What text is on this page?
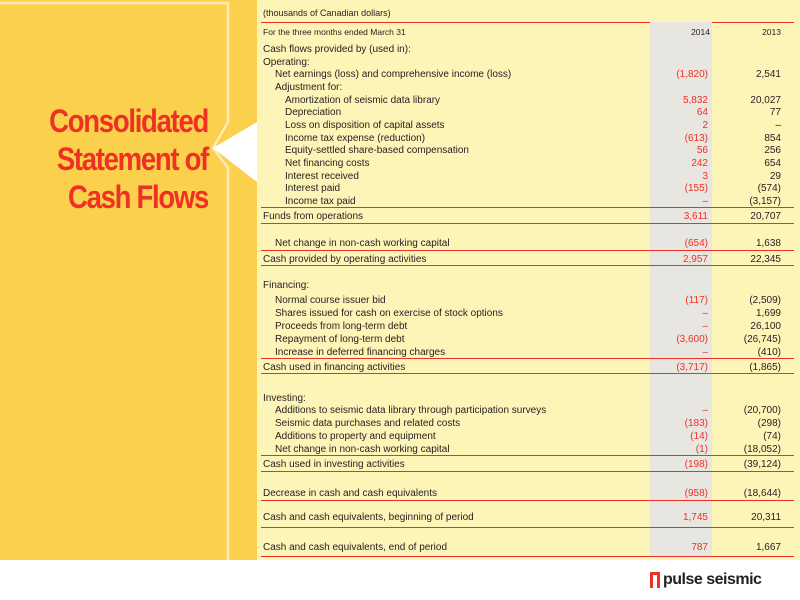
Consolidated
Statement of
Cash Flows
(thousands of Canadian dollars)
For the three months ended March 31	2014	2013
Cash flows provided by (used in):
Operating:
Net earnings (loss) and comprehensive income (loss)	(1,820)	2,541
Adjustment for:
Amortization of seismic data library	5,832	20,027
Depreciation	64	77
Loss on disposition of capital assets	2	–
Income tax expense (reduction)	(613)	854
Equity-settled share-based compensation	56	256
Net financing costs	242	654
Interest received	3	29
Interest paid	(155)	(574)
Income tax paid	–	(3,157)
Funds from operations	3,611	20,707
Net change in non-cash working capital	(654)	1,638
Cash provided by operating activities	2,957	22,345
Financing:
Normal course issuer bid	(117)	(2,509)
Shares issued for cash on exercise of stock options	–	1,699
Proceeds from long-term debt	–	26,100
Repayment of long-term debt	(3,600)	(26,745)
Increase in deferred financing charges	–	(410)
Cash used in financing activities	(3,717)	(1,865)
Investing:
Additions to seismic data library through participation surveys	–	(20,700)
Seismic data purchases and related costs	(183)	(298)
Additions to property and equipment	(14)	(74)
Net change in non-cash working capital	(1)	(18,052)
Cash used in investing activities	(198)	(39,124)
Decrease in cash and cash equivalents	(958)	(18,644)
Cash and cash equivalents, beginning of period	1,745	20,311
Cash and cash equivalents, end of period	787	1,667
pulse seismic
